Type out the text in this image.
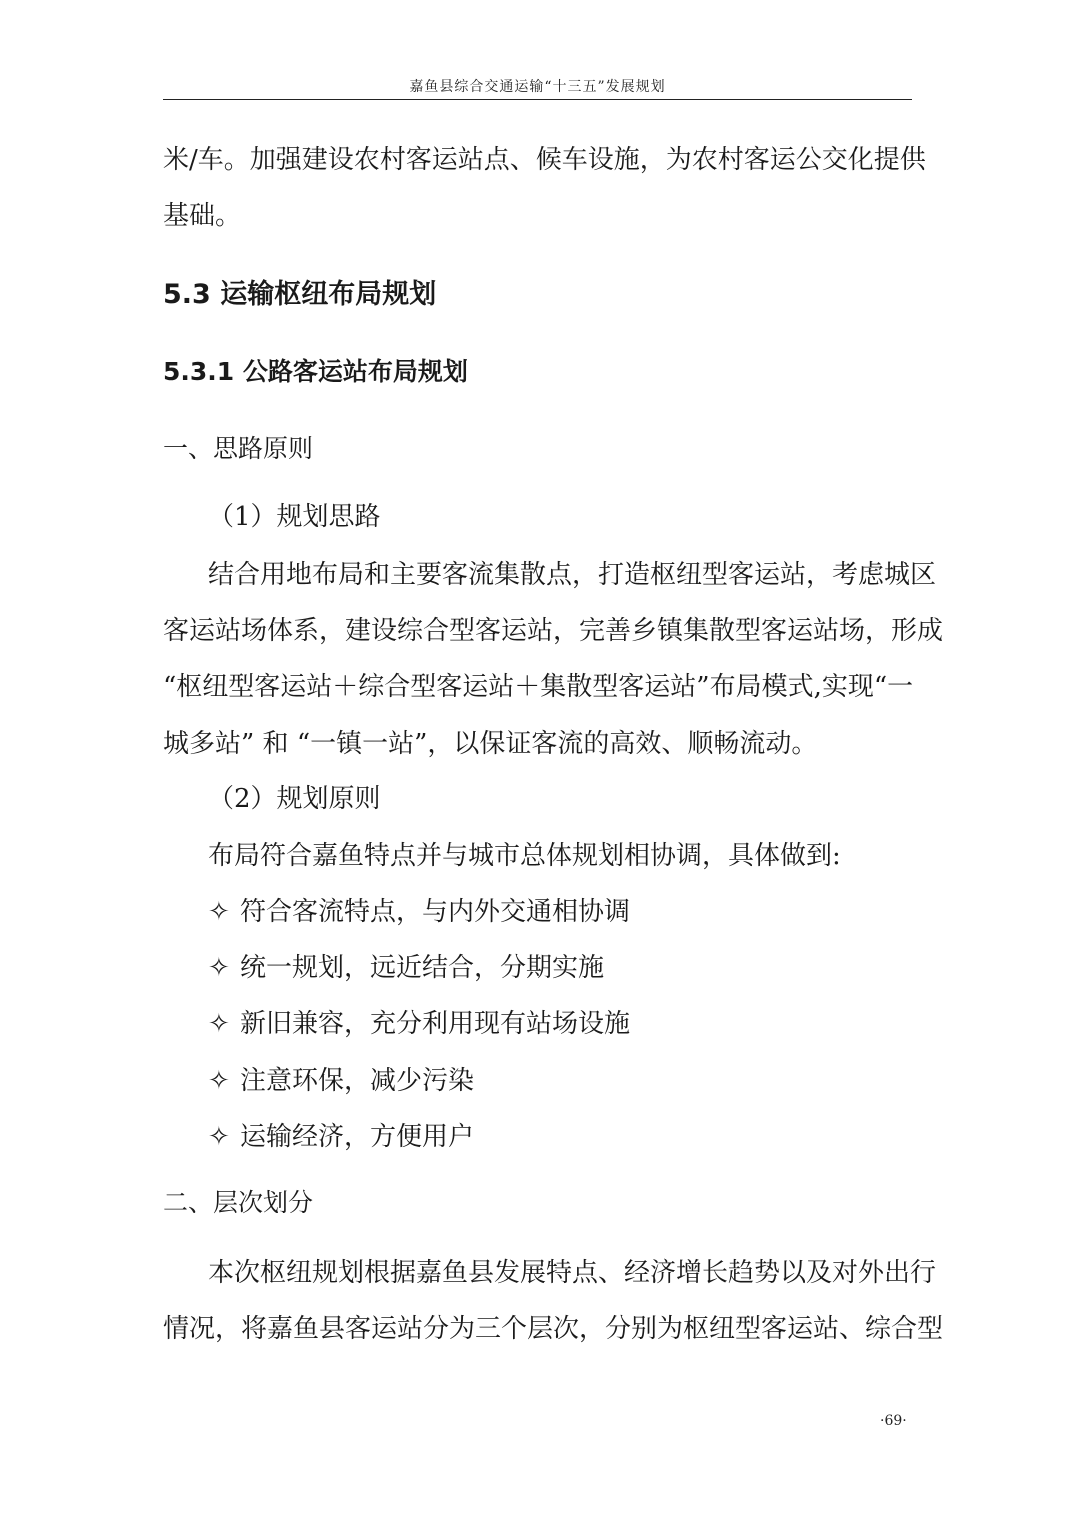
嘉鱼县综合交通运输“十三五”发展规划
米/车。加强建设农村客运站点、候车设施，为农村客运公交化提供
基础。
5.3 运输枢纽布局规划
5.3.1 公路客运站布局规划
一、思路原则
（1）规划思路
结合用地布局和主要客流集散点，打造枢纽型客运站，考虑城区
客运站场体系，建设综合型客运站，完善乡镇集散型客运站场，形成
“枢纽型客运站＋综合型客运站＋集散型客运站”布局模式,实现“一
城多站” 和 “一镇一站”，以保证客流的高效、顺畅流动。
（2）规划原则
布局符合嘉鱼特点并与城市总体规划相协调，具体做到:
✧ 符合客流特点，与内外交通相协调
✧ 统一规划，远近结合，分期实施
✧ 新旧兼容，充分利用现有站场设施
✧ 注意环保，减少污染
✧ 运输经济，方便用户
二、层次划分
本次枢纽规划根据嘉鱼县发展特点、经济增长趋势以及对外出行
情况，将嘉鱼县客运站分为三个层次，分别为枢纽型客运站、综合型
·69·
